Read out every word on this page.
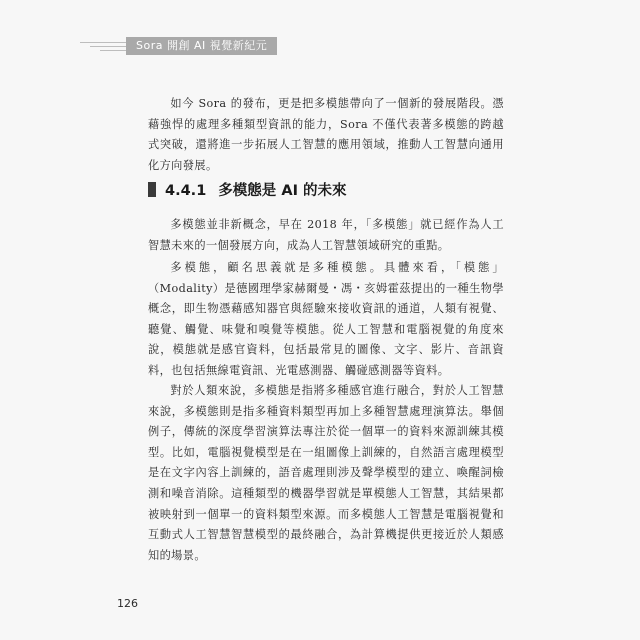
Sora 開創 AI 視覺新紀元

如今 Sora 的發布，更是把多模態帶向了一個新的發展階段。憑藉強悍的處理多種類型資訊的能力，Sora 不僅代表著多模態的跨越式突破，還將進一步拓展人工智慧的應用領域，推動人工智慧向通用化方向發展。

4.4.1 多模態是 AI 的未來

多模態並非新概念，早在 2018 年，「多模態」就已經作為人工智慧未來的一個發展方向，成為人工智慧領域研究的重點。

多模態，顧名思義就是多種模態。具體來看，「模態」（Modality）是德國理學家赫爾曼・馮・亥姆霍茲提出的一種生物學概念，即生物憑藉感知器官與經驗來接收資訊的通道，人類有視覺、聽覺、觸覺、味覺和嗅覺等模態。從人工智慧和電腦視覺的角度來說，模態就是感官資料，包括最常見的圖像、文字、影片、音訊資料，也包括無線電資訊、光電感測器、觸碰感測器等資料。

對於人類來說，多模態是指將多種感官進行融合，對於人工智慧來說，多模態則是指多種資料類型再加上多種智慧處理演算法。舉個例子，傳統的深度學習演算法專注於從一個單一的資料來源訓練其模型。比如，電腦視覺模型是在一組圖像上訓練的，自然語言處理模型是在文字內容上訓練的，語音處理則涉及聲學模型的建立、喚醒詞檢測和噪音消除。這種類型的機器學習就是單模態人工智慧，其結果都被映射到一個單一的資料類型來源。而多模態人工智慧是電腦視覺和互動式人工智慧智慧模型的最終融合，為計算機提供更接近於人類感知的場景。

126
